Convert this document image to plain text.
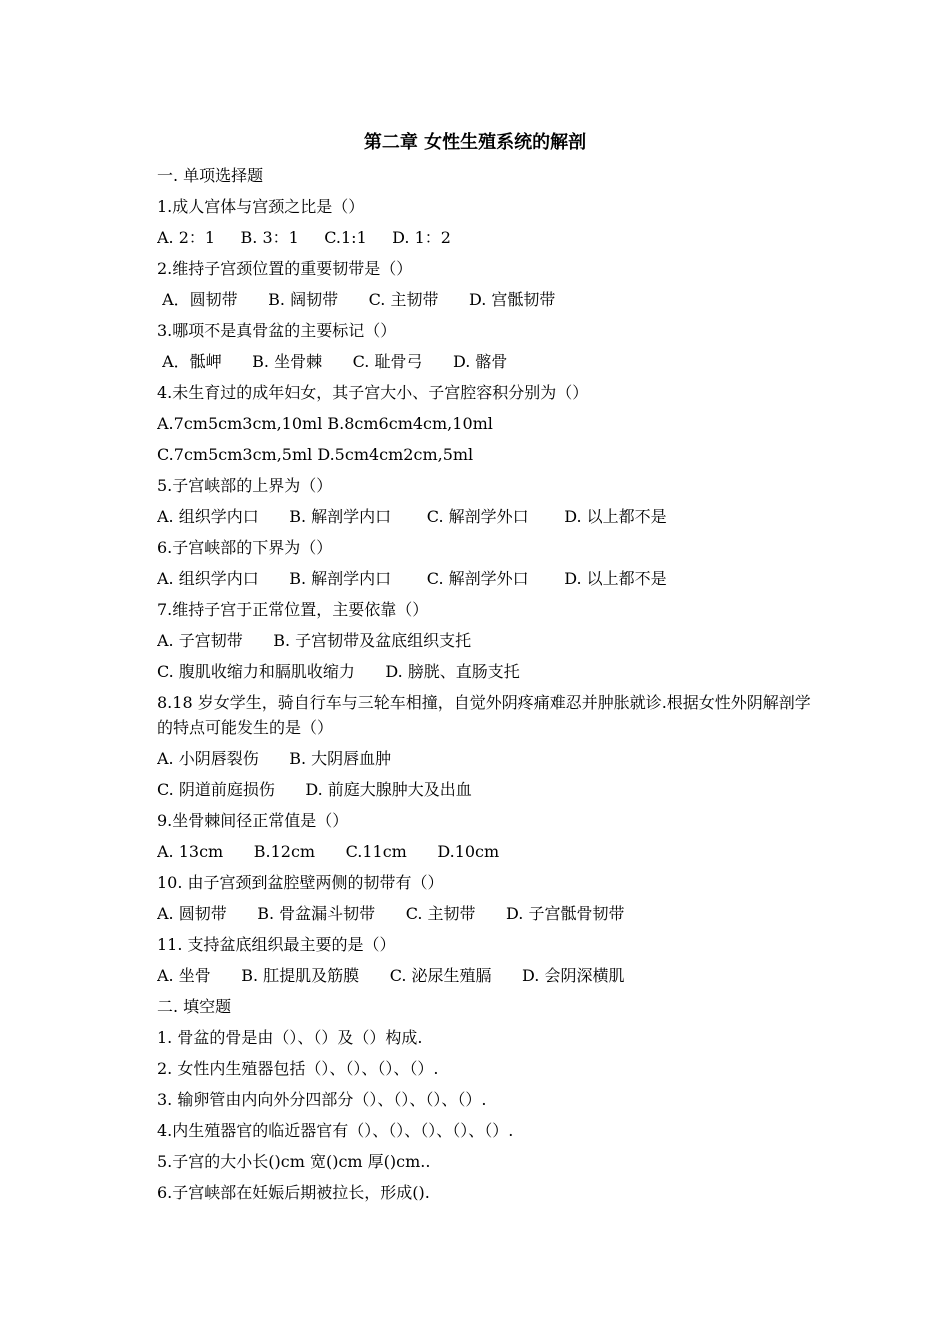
第二章 女性生殖系统的解剖
一. 单项选择题
1.成人宫体与宫颈之比是（）
A. 2：1     B. 3：1     C.1:1     D. 1：2
2.维持子宫颈位置的重要韧带是（）
A．圆韧带      B. 阔韧带      C. 主韧带      D. 宫骶韧带
3.哪项不是真骨盆的主要标记（）
A．骶岬      B. 坐骨棘      C. 耻骨弓      D. 髂骨
4.未生育过的成年妇女，其子宫大小、子宫腔容积分别为（）
A.7cm5cm3cm,10ml B.8cm6cm4cm,10ml
C.7cm5cm3cm,5ml D.5cm4cm2cm,5ml
5.子宫峡部的上界为（）
A. 组织学内口      B. 解剖学内口       C. 解剖学外口       D. 以上都不是
6.子宫峡部的下界为（）
A. 组织学内口      B. 解剖学内口       C. 解剖学外口       D. 以上都不是
7.维持子宫于正常位置，主要依靠（）
A. 子宫韧带      B. 子宫韧带及盆底组织支托
C. 腹肌收缩力和膈肌收缩力      D. 膀胱、直肠支托
8.18 岁女学生，骑自行车与三轮车相撞，自觉外阴疼痛难忍并肿胀就诊.根据女性外阴解剖学的特点可能发生的是（）
A. 小阴唇裂伤      B. 大阴唇血肿
C. 阴道前庭损伤      D. 前庭大腺肿大及出血
9.坐骨棘间径正常值是（）
A. 13cm      B.12cm      C.11cm      D.10cm
10. 由子宫颈到盆腔壁两侧的韧带有（）
A. 圆韧带      B. 骨盆漏斗韧带      C. 主韧带      D. 子宫骶骨韧带
11. 支持盆底组织最主要的是（）
A. 坐骨      B. 肛提肌及筋膜      C. 泌尿生殖膈      D. 会阴深横肌
二. 填空题
1. 骨盆的骨是由（）、（）及（）构成.
2. 女性内生殖器包括（）、（）、（）、（）.
3. 输卵管由内向外分四部分（）、（）、（）、（）.
4.内生殖器官的临近器官有（）、（）、（）、（）、（）.
5.子宫的大小长()cm 宽()cm 厚()cm..
6.子宫峡部在妊娠后期被拉长，形成().
